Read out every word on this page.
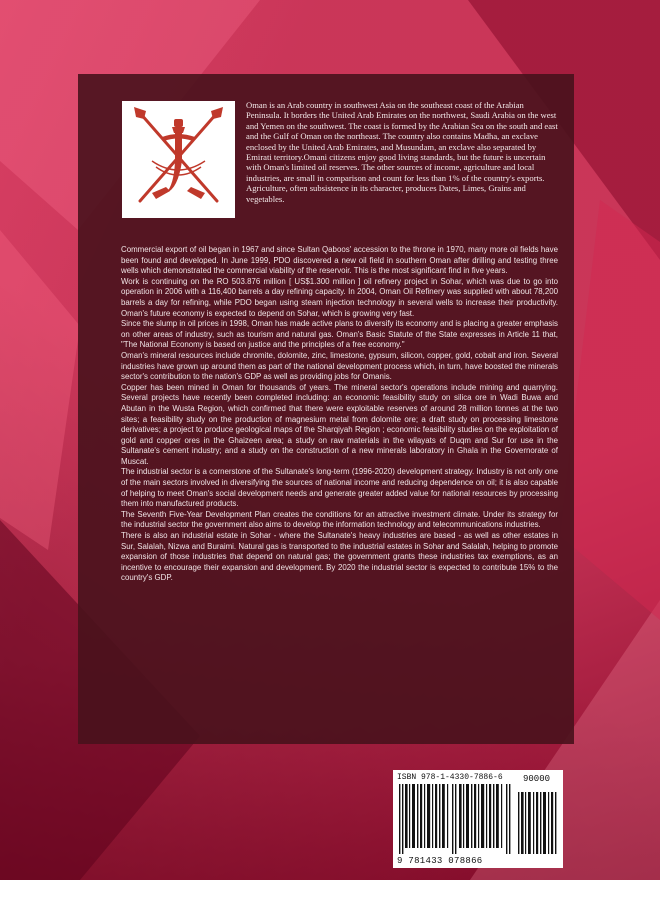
Oman is an Arab country in southwest Asia on the southeast coast of the Arabian Peninsula. It borders the United Arab Emirates on the northwest, Saudi Arabia on the west and Yemen on the southwest. The coast is formed by the Arabian Sea on the south and east and the Gulf of Oman on the northeast. The country also contains Madha, an exclave enclosed by the United Arab Emirates, and Musundam, an exclave also separated by Emirati territory.Omani citizens enjoy good living standards, but the future is uncertain with Oman's limited oil reserves. The other sources of income, agriculture and local industries, are small in comparison and count for less than 1% of the country's exports. Agriculture, often subsistence in its character, produces Dates, Limes, Grains and vegetables.

Commercial export of oil began in 1967 and since Sultan Qaboos' accession to the throne in 1970, many more oil fields have been found and developed. In June 1999, PDO discovered a new oil field in southern Oman after drilling and testing three wells which demonstrated the commercial viability of the reservoir. This is the most significant find in five years.

Work is continuing on the RO 503.876 million [ US$1.300 million ] oil refinery project in Sohar, which was due to go into operation in 2006 with a 116,400 barrels a day refining capacity. In 2004, Oman Oil Refinery was supplied with about 78,200 barrels a day for refining, while PDO began using steam injection technology in several wells to increase their productivity. Oman's future economy is expected to depend on Sohar, which is growing very fast.

Since the slump in oil prices in 1998, Oman has made active plans to diversify its economy and is placing a greater emphasis on other areas of industry, such as tourism and natural gas. Oman's Basic Statute of the State expresses in Article 11 that, "The National Economy is based on justice and the principles of a free economy."

Oman's mineral resources include chromite, dolomite, zinc, limestone, gypsum, silicon, copper, gold, cobalt and iron. Several industries have grown up around them as part of the national development process which, in turn, have boosted the minerals sector's contribution to the nation's GDP as well as providing jobs for Omanis.

Copper has been mined in Oman for thousands of years. The mineral sector's operations include mining and quarrying. Several projects have recently been completed including: an economic feasibility study on silica ore in Wadi Buwa and Abutan in the Wusta Region, which confirmed that there were exploitable reserves of around 28 million tonnes at the two sites; a feasibility study on the production of magnesium metal from dolomite ore; a draft study on processing limestone derivatives; a project to produce geological maps of the Sharqiyah Region ; economic feasibility studies on the exploitation of gold and copper ores in the Ghaizeen area; a study on raw materials in the wilayats of Duqm and Sur for use in the Sultanate's cement industry; and a study on the construction of a new minerals laboratory in Ghala in the Governorate of Muscat.

The industrial sector is a cornerstone of the Sultanate's long-term (1996-2020) development strategy. Industry is not only one of the main sectors involved in diversifying the sources of national income and reducing dependence on oil; it is also capable of helping to meet Oman's social development needs and generate greater added value for national resources by processing them into manufactured products.

The Seventh Five-Year Development Plan creates the conditions for an attractive investment climate. Under its strategy for the industrial sector the government also aims to develop the information technology and telecommunications industries.

There is also an industrial estate in Sohar - where the Sultanate's heavy industries are based - as well as other estates in Sur, Salalah, Nizwa and Buraimi. Natural gas is transported to the industrial estates in Sohar and Salalah, helping to promote expansion of those industries that depend on natural gas; the government grants these industries tax exemptions, as an incentive to encourage their expansion and development. By 2020 the industrial sector is expected to contribute 15% to the country's GDP.

ISBN 978-1-4330-7886-6 90000
9 781433 078866
